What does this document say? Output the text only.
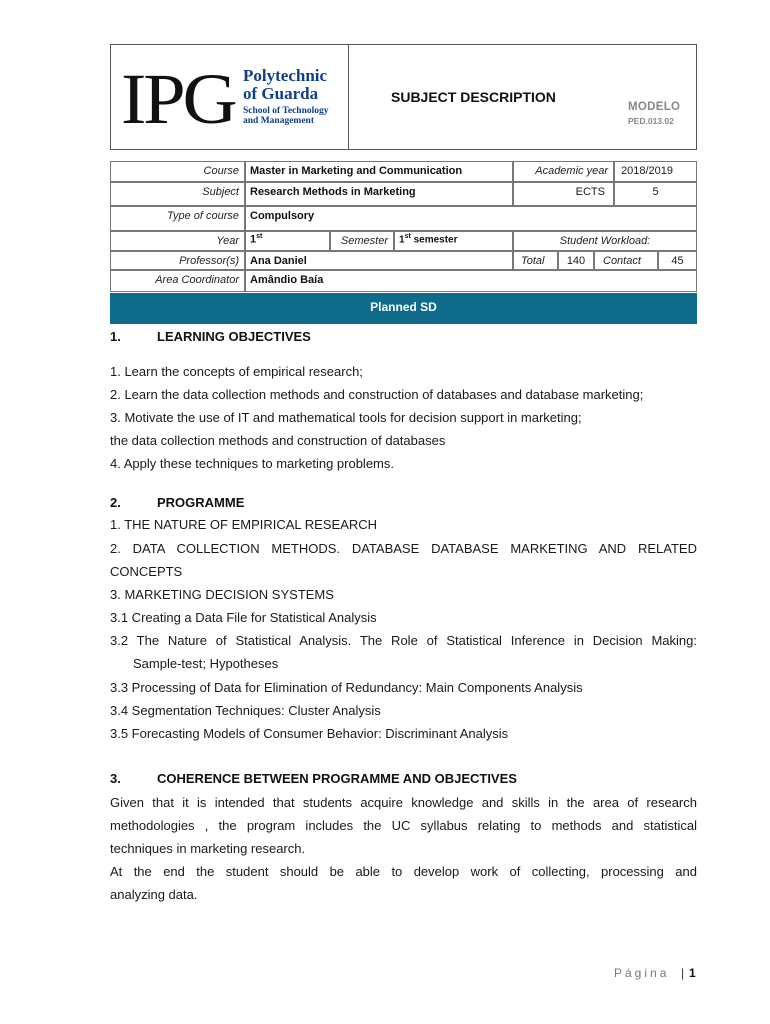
IPG Polytechnic
of Guarda
School of Technology
and Management
SUBJECT DESCRIPTION
MODELO
PED.013.02
Course	Master in Marketing and Communication	Academic year	2018/2019
Subject	Research Methods in Marketing	ECTS	5
Type of course	Compulsory
Year	1st	Semester	1st semester	Student Workload:
Professor(s)	Ana Daniel	Total	140	Contact	45
Area Coordinator	Amândio Baía
Planned SD
1.	LEARNING OBJECTIVES
1. Learn the concepts of empirical research;
2. Learn the data collection methods and construction of databases and database marketing;
3. Motivate the use of IT and mathematical tools for decision support in marketing;
the data collection methods and construction of databases
4. Apply these techniques to marketing problems.
2.	PROGRAMME
1. THE NATURE OF EMPIRICAL RESEARCH
2. DATA COLLECTION METHODS. DATABASE DATABASE MARKETING AND RELATED
CONCEPTS
3. MARKETING DECISION SYSTEMS
3.1 Creating a Data File for Statistical Analysis
3.2 The Nature of Statistical Analysis. The Role of Statistical Inference in Decision Making:
Sample-test; Hypotheses
3.3 Processing of Data for Elimination of Redundancy: Main Components Analysis
3.4 Segmentation Techniques: Cluster Analysis
3.5 Forecasting Models of Consumer Behavior: Discriminant Analysis
3.	COHERENCE BETWEEN PROGRAMME AND OBJECTIVES
Given that it is intended that students acquire knowledge and skills in the area of research
methodologies , the program includes the UC syllabus relating to methods and statistical
techniques in marketing research.
At the end the student should be able to develop work of collecting, processing and
analyzing data.
Página | 1
